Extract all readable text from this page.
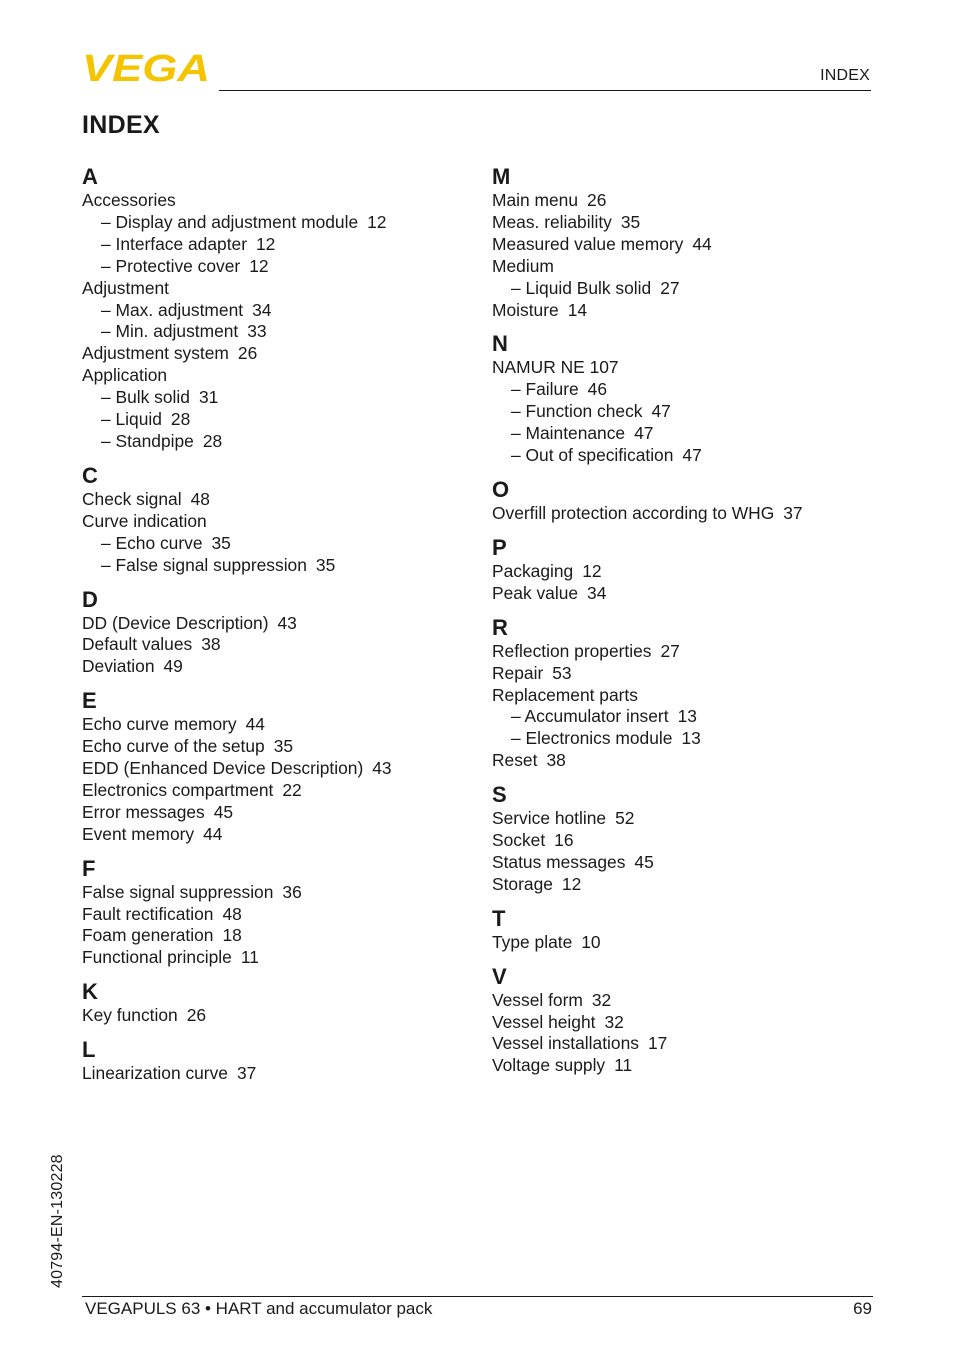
VEGA	INDEX
INDEX
A
Accessories
– Display and adjustment module 12
– Interface adapter 12
– Protective cover 12
Adjustment
– Max. adjustment 34
– Min. adjustment 33
Adjustment system 26
Application
– Bulk solid 31
– Liquid 28
– Standpipe 28
C
Check signal 48
Curve indication
– Echo curve 35
– False signal suppression 35
D
DD (Device Description) 43
Default values 38
Deviation 49
E
Echo curve memory 44
Echo curve of the setup 35
EDD (Enhanced Device Description) 43
Electronics compartment 22
Error messages 45
Event memory 44
F
False signal suppression 36
Fault rectification 48
Foam generation 18
Functional principle 11
K
Key function 26
L
Linearization curve 37
M
Main menu 26
Meas. reliability 35
Measured value memory 44
Medium
– Liquid Bulk solid 27
Moisture 14
N
NAMUR NE 107
– Failure 46
– Function check 47
– Maintenance 47
– Out of specification 47
O
Overfill protection according to WHG 37
P
Packaging 12
Peak value 34
R
Reflection properties 27
Repair 53
Replacement parts
– Accumulator insert 13
– Electronics module 13
Reset 38
S
Service hotline 52
Socket 16
Status messages 45
Storage 12
T
Type plate 10
V
Vessel form 32
Vessel height 32
Vessel installations 17
Voltage supply 11
40794-EN-130228
VEGAPULS 63 • HART and accumulator pack	69
